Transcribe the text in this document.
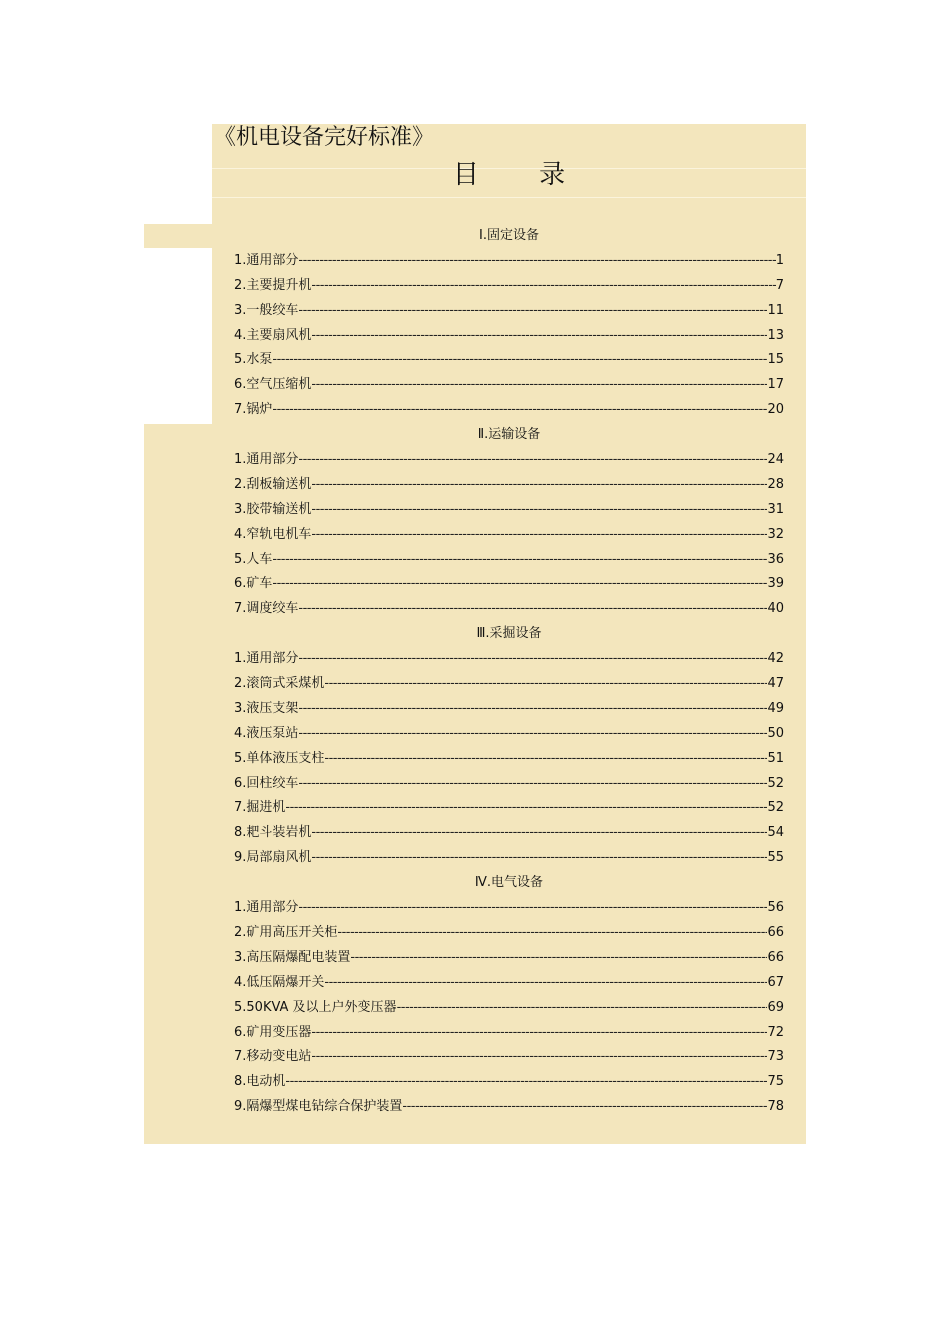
《机电设备完好标准》
目 录
Ⅰ.固定设备
1.通用部分 -----	1
2.主要提升机 -----	7
3.一般绞车 -----	11
4.主要扇风机 -----	13
5.水泵 -----	15
6.空气压缩机 -----	17
7.锅炉 -----	20
Ⅱ.运输设备
1.通用部分 -----	24
2.刮板输送机 -----	28
3.胶带输送机 -----	31
4.窄轨电机车 -----	32
5.人车 -----	36
6.矿车 -----	39
7.调度绞车 -----	40
Ⅲ.采掘设备
1.通用部分 -----	42
2.滚筒式采煤机 -----	47
3.液压支架 -----	49
4.液压泵站 -----	50
5.单体液压支柱 -----	51
6.回柱绞车 -----	52
7.掘进机 -----	52
8.耙斗装岩机 -----	54
9.局部扇风机 -----	55
Ⅳ.电气设备
1.通用部分 -----	56
2.矿用高压开关柜 -----	66
3.高压隔爆配电装置 -----	66
4.低压隔爆开关 -----	67
5.50KVA 及以上户外变压器 -----	69
6.矿用变压器 -----	72
7.移动变电站 -----	73
8.电动机 -----	75
9.隔爆型煤电钻综合保护装置 -----	78
